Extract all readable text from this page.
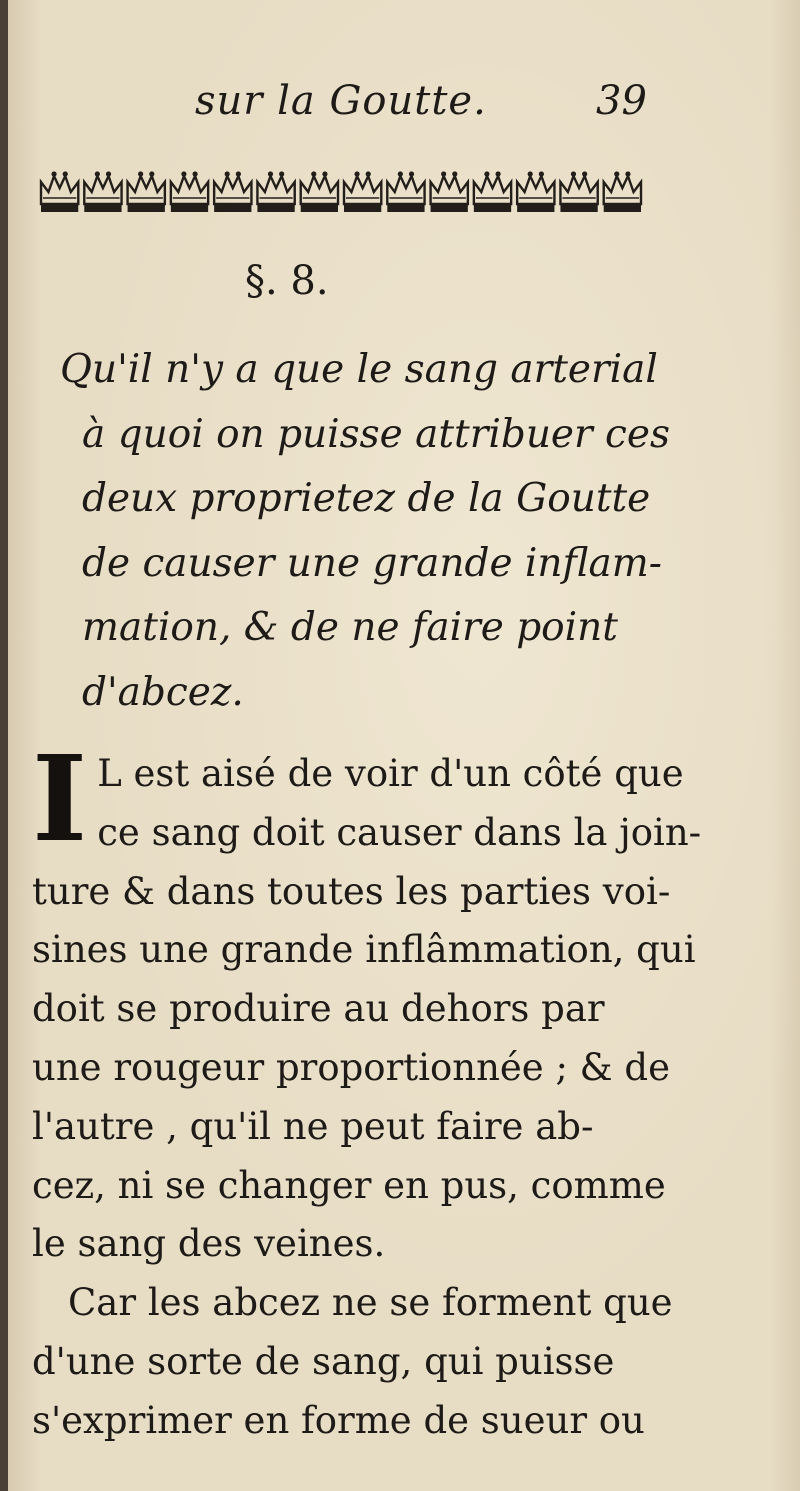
sur la Goutte.	39
§. 8.
Qu'il n'y a que le sang arterial
à quoi on puisse attribuer ces
deux proprietez de la Goutte
de causer une grande inflam-
mation, & de ne faire point
d'abcez.
I L est aisé de voir d'un côté que
ce sang doit causer dans la join-
ture & dans toutes les parties voi-
sines une grande inflâmmation, qui
doit se produire au dehors par
une rougeur proportionnée ; & de
l'autre , qu'il ne peut faire ab-
cez, ni se changer en pus, comme
le sang des veines.
Car les abcez ne se forment que
d'une sorte de sang, qui puisse
s'exprimer en forme de sueur ou
